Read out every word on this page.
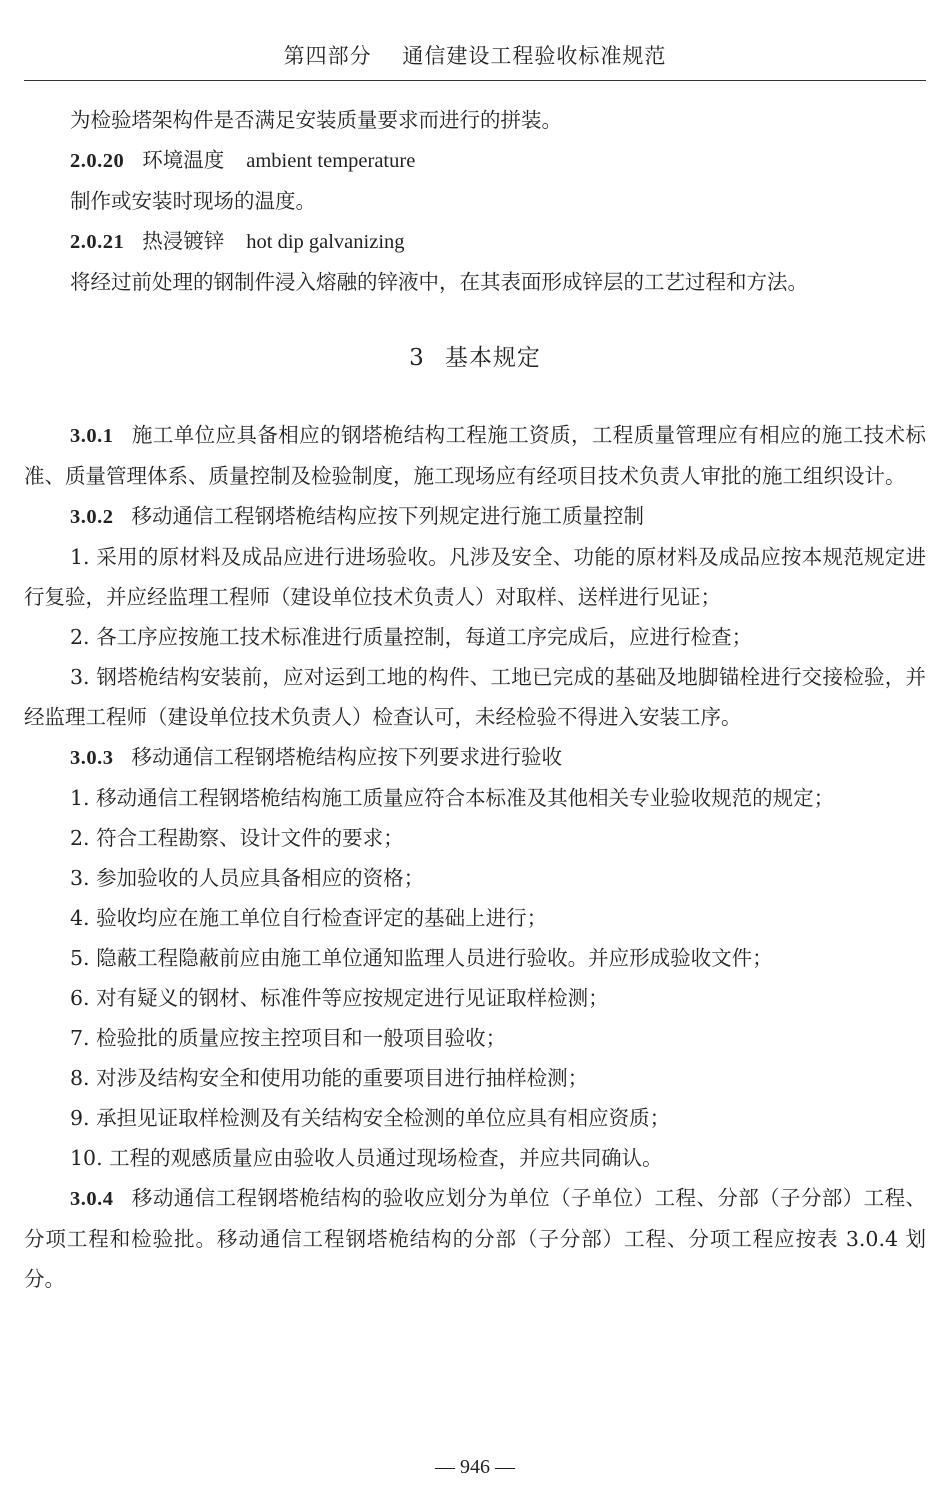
第四部分    通信建设工程验收标准规范

为检验塔架构件是否满足安装质量要求而进行的拼装。

2.0.20 环境温度 ambient temperature

制作或安装时现场的温度。

2.0.21 热浸镀锌 hot dip galvanizing

将经过前处理的钢制件浸入熔融的锌液中，在其表面形成锌层的工艺过程和方法。

3 基本规定

3.0.1 施工单位应具备相应的钢塔桅结构工程施工资质，工程质量管理应有相应的施工技术标准、质量管理体系、质量控制及检验制度，施工现场应有经项目技术负责人审批的施工组织设计。

3.0.2 移动通信工程钢塔桅结构应按下列规定进行施工质量控制

1. 采用的原材料及成品应进行进场验收。凡涉及安全、功能的原材料及成品应按本规范规定进行复验，并应经监理工程师（建设单位技术负责人）对取样、送样进行见证；

2. 各工序应按施工技术标准进行质量控制，每道工序完成后，应进行检查；

3. 钢塔桅结构安装前，应对运到工地的构件、工地已完成的基础及地脚锚栓进行交接检验，并经监理工程师（建设单位技术负责人）检查认可，未经检验不得进入安装工序。

3.0.3 移动通信工程钢塔桅结构应按下列要求进行验收

1. 移动通信工程钢塔桅结构施工质量应符合本标准及其他相关专业验收规范的规定；

2. 符合工程勘察、设计文件的要求；

3. 参加验收的人员应具备相应的资格；

4. 验收均应在施工单位自行检查评定的基础上进行；

5. 隐蔽工程隐蔽前应由施工单位通知监理人员进行验收。并应形成验收文件；

6. 对有疑义的钢材、标准件等应按规定进行见证取样检测；

7. 检验批的质量应按主控项目和一般项目验收；

8. 对涉及结构安全和使用功能的重要项目进行抽样检测；

9. 承担见证取样检测及有关结构安全检测的单位应具有相应资质；

10. 工程的观感质量应由验收人员通过现场检查，并应共同确认。

3.0.4 移动通信工程钢塔桅结构的验收应划分为单位（子单位）工程、分部（子分部）工程、分项工程和检验批。移动通信工程钢塔桅结构的分部（子分部）工程、分项工程应按表 3.0.4 划分。

— 946 —
